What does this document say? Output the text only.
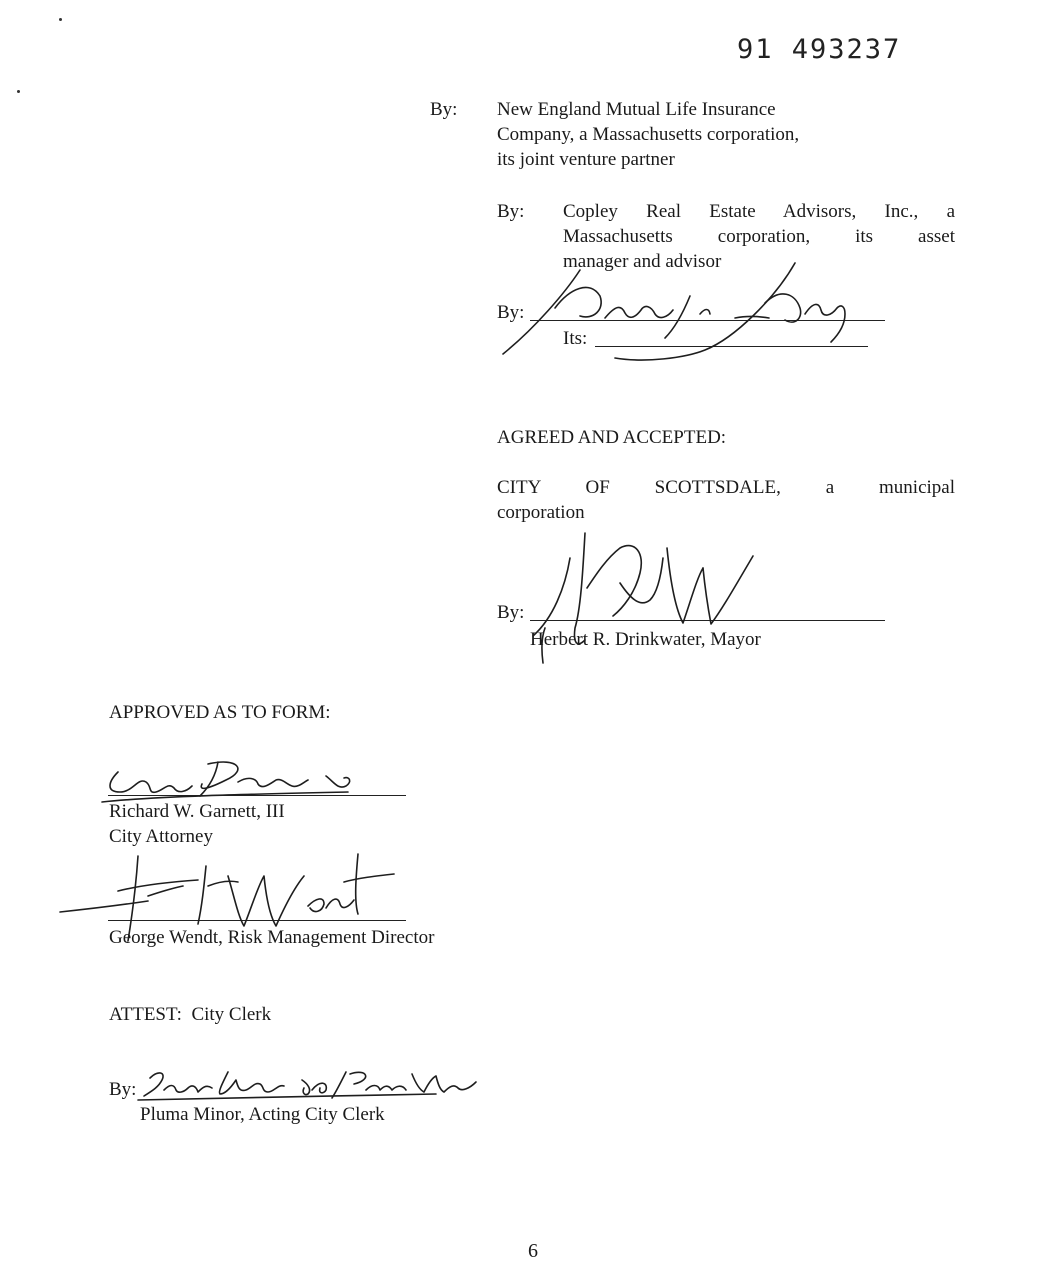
91 493237
By: New England Mutual Life Insurance
Company, a Massachusetts corporation,
its joint venture partner
By: Copley Real Estate Advisors, Inc., a
Massachusetts corporation, its asset
manager and advisor
By:
Its:
AGREED AND ACCEPTED:
CITY OF SCOTTSDALE, a municipal
corporation
By:
Herbert R. Drinkwater, Mayor
APPROVED AS TO FORM:
Richard W. Garnett, III
City Attorney
George Wendt, Risk Management Director
ATTEST:  City Clerk
By:
Pluma Minor, Acting City Clerk
6
